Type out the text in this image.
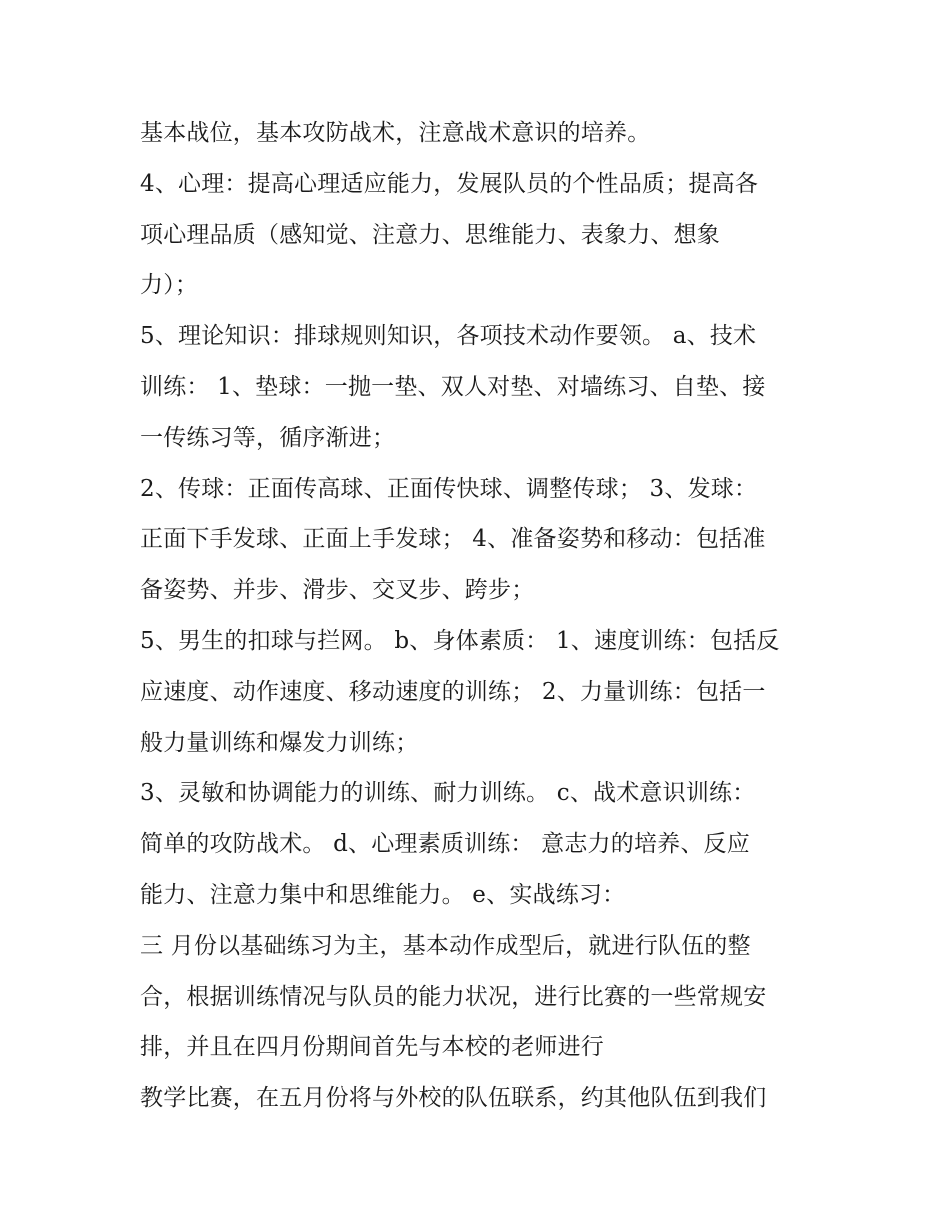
基本战位，基本攻防战术，注意战术意识的培养。
4、心理：提高心理适应能力，发展队员的个性品质；提高各
项心理品质（感知觉、注意力、思维能力、表象力、想象
力）；
5、理论知识：排球规则知识，各项技术动作要领。 a、技术
训练： 1、垫球：一抛一垫、双人对垫、对墙练习、自垫、接
一传练习等，循序渐进；
2、传球：正面传高球、正面传快球、调整传球； 3、发球：
正面下手发球、正面上手发球； 4、准备姿势和移动：包括准
备姿势、并步、滑步、交叉步、跨步；
5、男生的扣球与拦网。 b、身体素质： 1、速度训练：包括反
应速度、动作速度、移动速度的训练； 2、力量训练：包括一
般力量训练和爆发力训练；
3、灵敏和协调能力的训练、耐力训练。 c、战术意识训练：
简单的攻防战术。 d、心理素质训练： 意志力的培养、反应
能力、注意力集中和思维能力。 e、实战练习：
三 月份以基础练习为主，基本动作成型后，就进行队伍的整
合，根据训练情况与队员的能力状况，进行比赛的一些常规安
排，并且在四月份期间首先与本校的老师进行
教学比赛，在五月份将与外校的队伍联系，约其他队伍到我们
